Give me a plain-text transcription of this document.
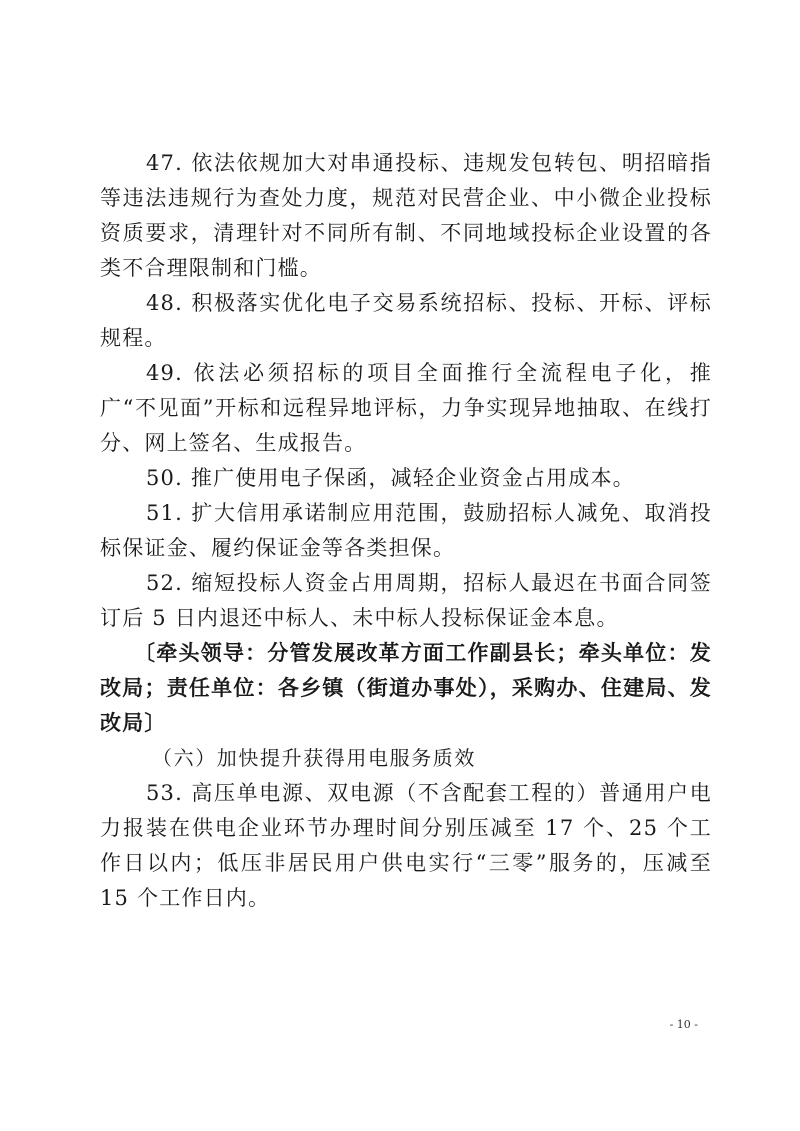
47. 依法依规加大对串通投标、违规发包转包、明招暗指等违法违规行为查处力度，规范对民营企业、中小微企业投标资质要求，清理针对不同所有制、不同地域投标企业设置的各类不合理限制和门槛。

48. 积极落实优化电子交易系统招标、投标、开标、评标规程。

49. 依法必须招标的项目全面推行全流程电子化，推广“不见面”开标和远程异地评标，力争实现异地抽取、在线打分、网上签名、生成报告。

50. 推广使用电子保函，减轻企业资金占用成本。

51. 扩大信用承诺制应用范围，鼓励招标人减免、取消投标保证金、履约保证金等各类担保。

52. 缩短投标人资金占用周期，招标人最迟在书面合同签订后 5 日内退还中标人、未中标人投标保证金本息。

〔牵头领导：分管发展改革方面工作副县长；牵头单位：发改局；责任单位：各乡镇（街道办事处），采购办、住建局、发改局〕

（六）加快提升获得用电服务质效

53. 高压单电源、双电源（不含配套工程的）普通用户电力报装在供电企业环节办理时间分别压减至 17 个、25 个工作日以内；低压非居民用户供电实行“三零”服务的，压减至 15 个工作日内。

- 10 -
